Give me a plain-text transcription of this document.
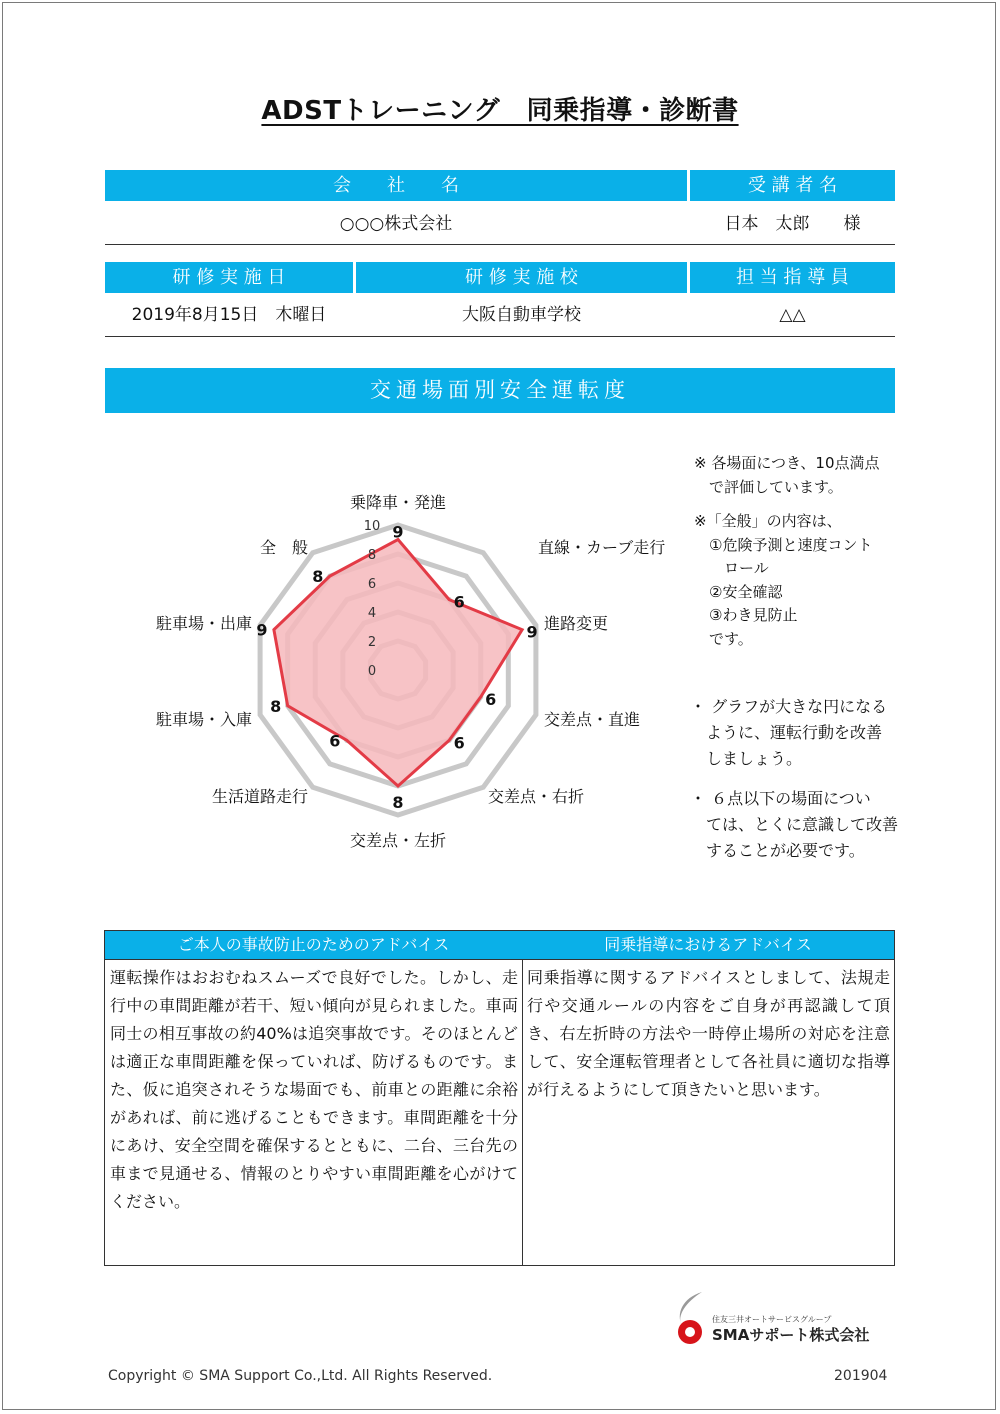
ADSTトレーニング　同乗指導・診断書
会　　社　　名	受 講 者 名
○○○株式会社	日本　太郎　　様
研 修 実 施 日	研 修 実 施 校	担 当 指 導 員
2019年8月15日　木曜日	大阪自動車学校	△△
交通場面別安全運転度
0
2
4
6
8
10 9
6
9
6
6
8
6
8
9
8
乗降車・発進
直線・カーブ走行
進路変更
交差点・直進
交差点・右折
交差点・左折
生活道路走行
駐車場・入庫
駐車場・出庫
全　般

※ 各場面につき、10点満点

　で評価しています。

※「全般」の内容は、

　①危険予測と速度コント

　　ロール

　②安全確認

　③わき見防止

　です。

・ グラフが大きな円になる

　ように、運転行動を改善

　しましょう。

・ ６点以下の場面につい

　ては、とくに意識して改善

　することが必要です。

ご本人の事故防止のためのアドバイス
運転操作はおおむねスムーズで良好でした。しかし、走行中の車間距離が若干、短い傾向が見られました。車両同士の相互事故の約40%は追突事故です。そのほとんどは適正な車間距離を保っていれば、防げるものです。また、仮に追突されそうな場面でも、前車との距離に余裕があれば、前に逃げることもできます。車間距離を十分にあけ、安全空間を確保するとともに、二台、三台先の車まで見通せる、情報のとりやすい車間距離を心がけてください。
同乗指導におけるアドバイス
同乗指導に関するアドバイスとしまして、法規走行や交通ルールの内容をご自身が再認識して頂き、右左折時の方法や一時停止場所の対応を注意して、安全運転管理者として各社員に適切な指導が行えるようにして頂きたいと思います。
住友三井オートサービスグループ
SMAサポート株式会社
Copyright © SMA Support Co.,Ltd. All Rights Reserved.	201904
